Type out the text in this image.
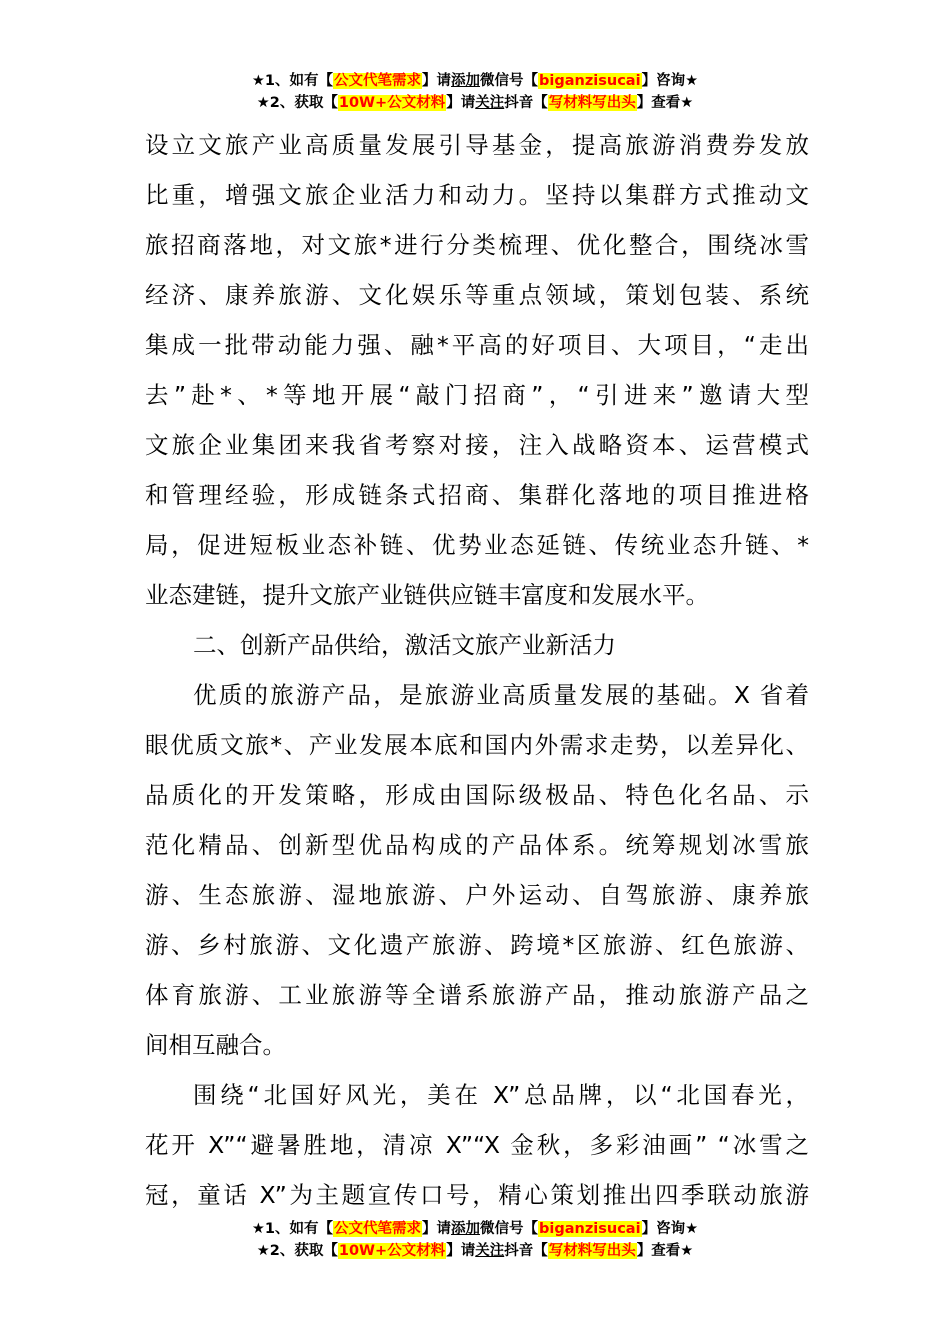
★1、如有【公文代笔需求】请添加微信号【biganzisucai】咨询★
★2、获取【10W+公文材料】请关注抖音【写材料写出头】查看★
设立文旅产业高质量发展引导基金，提高旅游消费券发放
比重，增强文旅企业活力和动力。坚持以集群方式推动文
旅招商落地，对文旅*进行分类梳理、优化整合，围绕冰雪
经济、康养旅游、文化娱乐等重点领域，策划包装、系统
集成一批带动能力强、融*平高的好项目、大项目，“走出
去”赴*、*等地开展“敲门招商”，“引进来”邀请大型
文旅企业集团来我省考察对接，注入战略资本、运营模式
和管理经验，形成链条式招商、集群化落地的项目推进格
局，促进短板业态补链、优势业态延链、传统业态升链、*
业态建链，提升文旅产业链供应链丰富度和发展水平。
二、创新产品供给，激活文旅产业新活力
优质的旅游产品，是旅游业高质量发展的基础。X 省着
眼优质文旅*、产业发展本底和国内外需求走势，以差异化、
品质化的开发策略，形成由国际级极品、特色化名品、示
范化精品、创新型优品构成的产品体系。统筹规划冰雪旅
游、生态旅游、湿地旅游、户外运动、自驾旅游、康养旅
游、乡村旅游、文化遗产旅游、跨境*区旅游、红色旅游、
体育旅游、工业旅游等全谱系旅游产品，推动旅游产品之
间相互融合。
围绕“北国好风光，美在 X”总品牌，以“北国春光，
花开 X”“避暑胜地，清凉 X”“X 金秋，多彩油画” “冰雪之
冠，童话 X”为主题宣传口号，精心策划推出四季联动旅游
★1、如有【公文代笔需求】请添加微信号【biganzisucai】咨询★
★2、获取【10W+公文材料】请关注抖音【写材料写出头】查看★
